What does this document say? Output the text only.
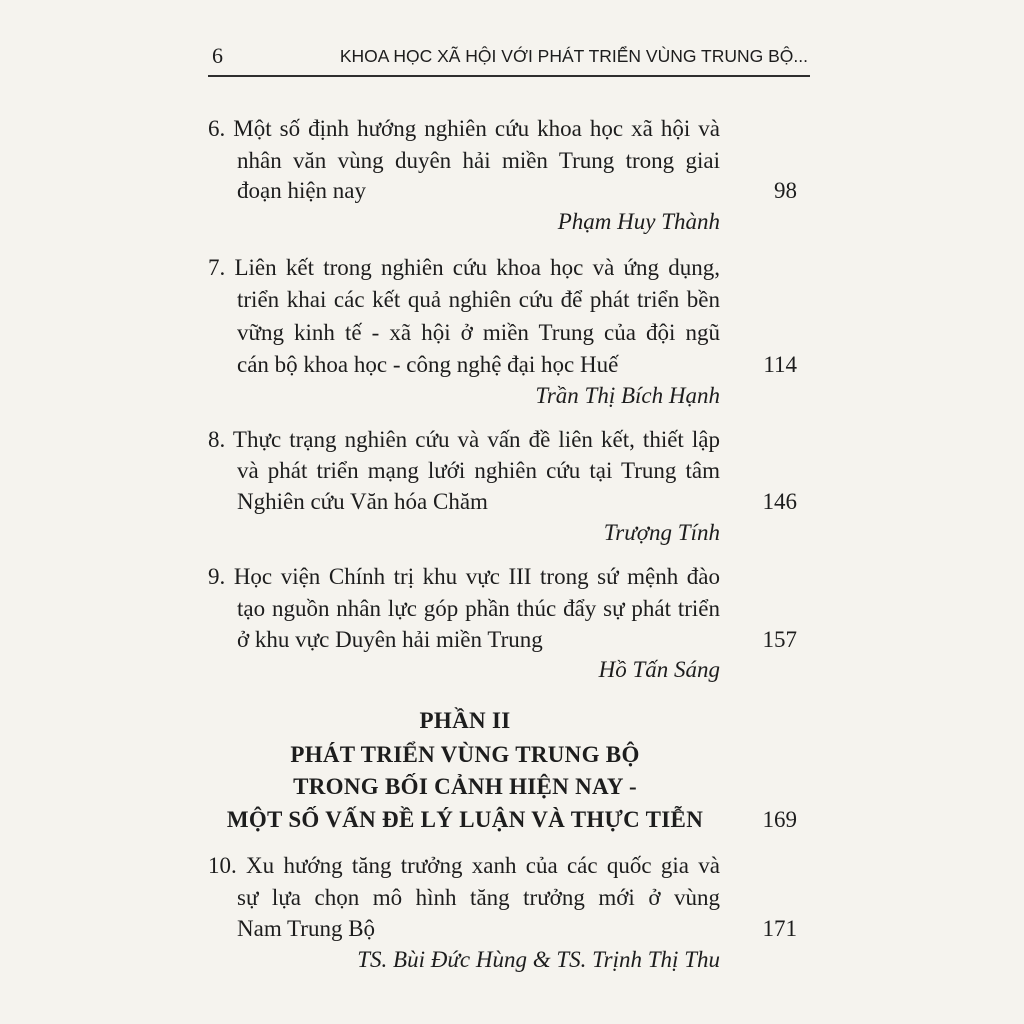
6	KHOA HỌC XÃ HỘI VỚI PHÁT TRIỂN VÙNG TRUNG BỘ...
6. Một số định hướng nghiên cứu khoa học xã hội và
nhân văn vùng duyên hải miền Trung trong giai
đoạn hiện nay	98
Phạm Huy Thành
7. Liên kết trong nghiên cứu khoa học và ứng dụng,
triển khai các kết quả nghiên cứu để phát triển bền
vững kinh tế - xã hội ở miền Trung của đội ngũ
cán bộ khoa học - công nghệ đại học Huế	114
Trần Thị Bích Hạnh
8. Thực trạng nghiên cứu và vấn đề liên kết, thiết lập
và phát triển mạng lưới nghiên cứu tại Trung tâm
Nghiên cứu Văn hóa Chăm	146
Trượng Tính
9. Học viện Chính trị khu vực III trong sứ mệnh đào
tạo nguồn nhân lực góp phần thúc đẩy sự phát triển
ở khu vực Duyên hải miền Trung	157
Hồ Tấn Sáng
PHẦN II
PHÁT TRIỂN VÙNG TRUNG BỘ
TRONG BỐI CẢNH HIỆN NAY -
MỘT SỐ VẤN ĐỀ LÝ LUẬN VÀ THỰC TIỄN	169
10. Xu hướng tăng trưởng xanh của các quốc gia và
sự lựa chọn mô hình tăng trưởng mới ở vùng
Nam Trung Bộ	171
TS. Bùi Đức Hùng & TS. Trịnh Thị Thu
